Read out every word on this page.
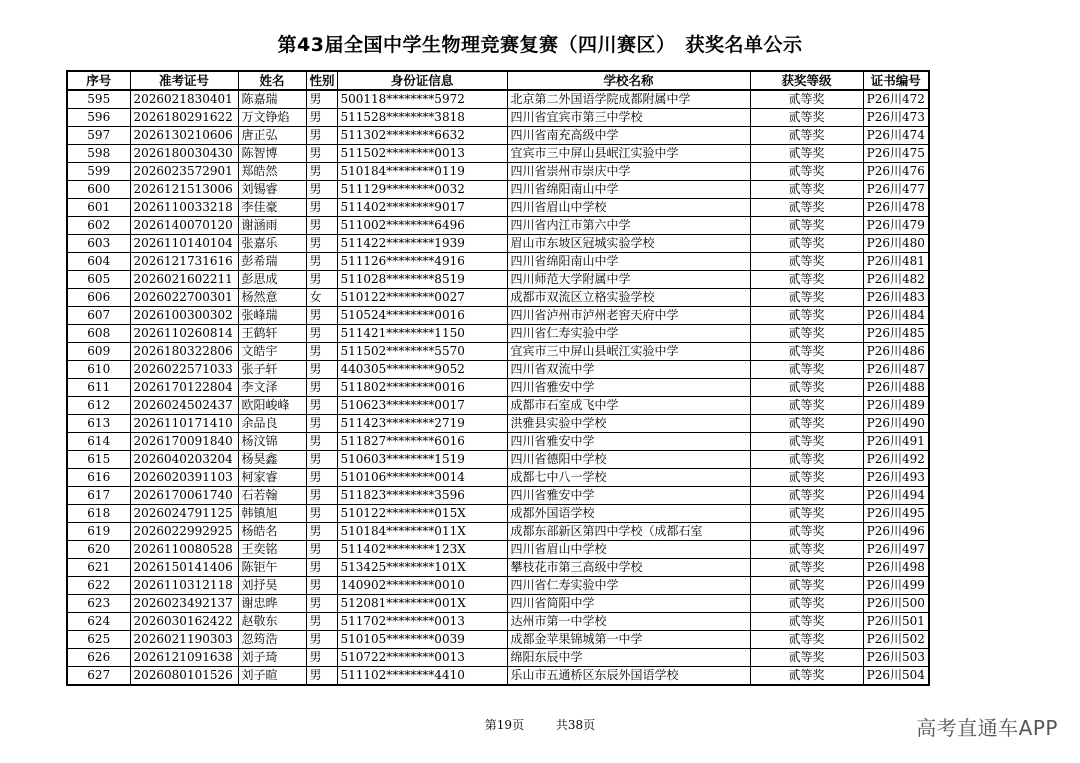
第43届全国中学生物理竞赛复赛（四川赛区）　获奖名单公示
序号	准考证号	姓名	性别	身份证信息	学校名称	获奖等级	证书编号
595	2026021830401	陈嘉瑞	男	500118********5972	北京第二外国语学院成都附属中学	贰等奖	P26川472
596	2026180291622	万文铮焰	男	511528********3818	四川省宜宾市第三中学校	贰等奖	P26川473
597	2026130210606	唐正弘	男	511302********6632	四川省南充高级中学	贰等奖	P26川474
598	2026180030430	陈智博	男	511502********0013	宜宾市三中屏山县岷江实验中学	贰等奖	P26川475
599	2026023572901	郑皓然	男	510184********0119	四川省崇州市崇庆中学	贰等奖	P26川476
600	2026121513006	刘锡睿	男	511129********0032	四川省绵阳南山中学	贰等奖	P26川477
601	2026110033218	李佳豪	男	511402********9017	四川省眉山中学校	贰等奖	P26川478
602	2026140070120	谢涵雨	男	511002********6496	四川省内江市第六中学	贰等奖	P26川479
603	2026110140104	张嘉乐	男	511422********1939	眉山市东坡区冠城实验学校	贰等奖	P26川480
604	2026121731616	彭希瑞	男	511126********4916	四川省绵阳南山中学	贰等奖	P26川481
605	2026021602211	彭思成	男	511028********8519	四川师范大学附属中学	贰等奖	P26川482
606	2026022700301	杨然意	女	510122********0027	成都市双流区立格实验学校	贰等奖	P26川483
607	2026100300302	张峰瑞	男	510524********0016	四川省泸州市泸州老窖天府中学	贰等奖	P26川484
608	2026110260814	王鹤轩	男	511421********1150	四川省仁寿实验中学	贰等奖	P26川485
609	2026180322806	文皓宇	男	511502********5570	宜宾市三中屏山县岷江实验中学	贰等奖	P26川486
610	2026022571033	张子轩	男	440305********9052	四川省双流中学	贰等奖	P26川487
611	2026170122804	李文泽	男	511802********0016	四川省雅安中学	贰等奖	P26川488
612	2026024502437	欧阳峻峰	男	510623********0017	成都市石室成飞中学	贰等奖	P26川489
613	2026110171410	余品良	男	511423********2719	洪雅县实验中学校	贰等奖	P26川490
614	2026170091840	杨汶锦	男	511827********6016	四川省雅安中学	贰等奖	P26川491
615	2026040203204	杨昊鑫	男	510603********1519	四川省德阳中学校	贰等奖	P26川492
616	2026020391103	柯家睿	男	510106********0014	成都七中八一学校	贰等奖	P26川493
617	2026170061740	石若翰	男	511823********3596	四川省雅安中学	贰等奖	P26川494
618	2026024791125	韩镇旭	男	510122********015X	成都外国语学校	贰等奖	P26川495
619	2026022992925	杨皓名	男	510184********011X	成都东部新区第四中学校（成都石室	贰等奖	P26川496
620	2026110080528	王奕铭	男	511402********123X	四川省眉山中学校	贰等奖	P26川497
621	2026150141406	陈钜午	男	513425********101X	攀枝花市第三高级中学校	贰等奖	P26川498
622	2026110312118	刘抒昊	男	140902********0010	四川省仁寿实验中学	贰等奖	P26川499
623	2026023492137	谢忠晔	男	512081********001X	四川省简阳中学	贰等奖	P26川500
624	2026030162422	赵敬东	男	511702********0013	达州市第一中学校	贰等奖	P26川501
625	2026021190303	忽筠浩	男	510105********0039	成都金苹果锦城第一中学	贰等奖	P26川502
626	2026121091638	刘子琦	男	510722********0013	绵阳东辰中学	贰等奖	P26川503
627	2026080101526	刘子暄	男	511102********4410	乐山市五通桥区东辰外国语学校	贰等奖	P26川504
第19页	共38页	高考直通车APP
